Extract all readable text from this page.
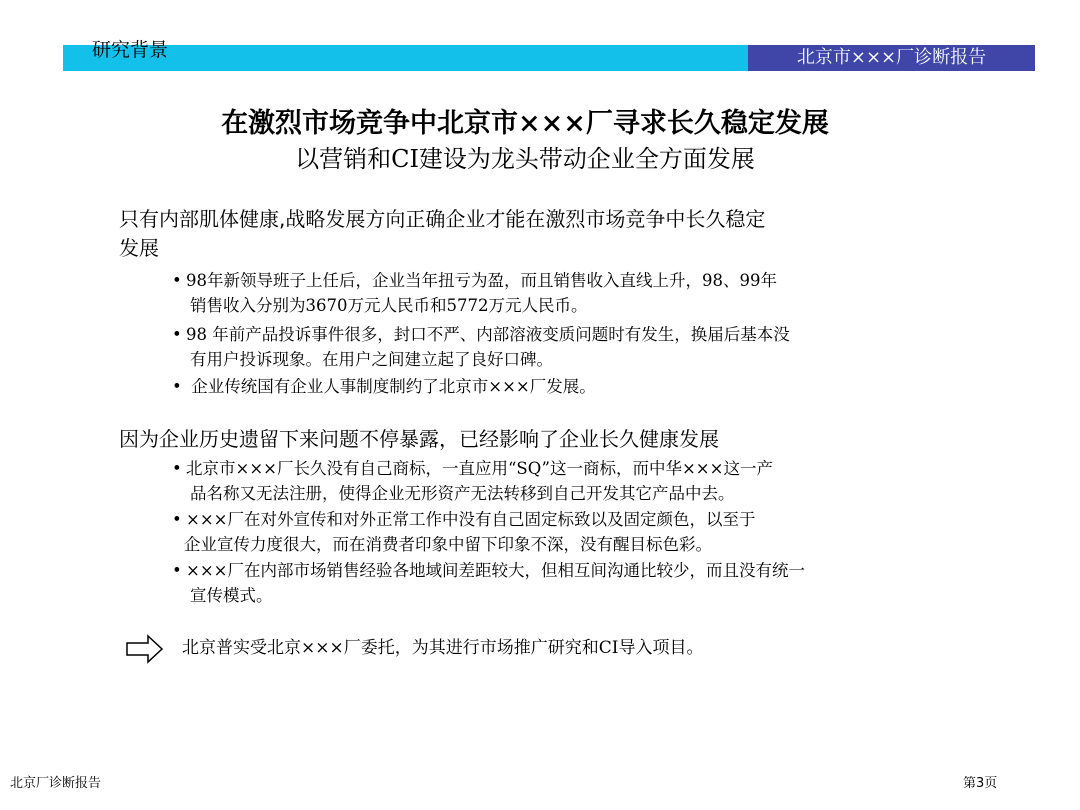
北京市×××厂诊断报告
研究背景
在激烈市场竞争中北京市×××厂寻求长久稳定发展
以营销和CI建设为龙头带动企业全方面发展
只有内部肌体健康,战略发展方向正确企业才能在激烈市场竞争中长久稳定
发展
• 98年新领导班子上任后，企业当年扭亏为盈，而且销售收入直线上升，98、99年
销售收入分别为3670万元人民币和5772万元人民币。
• 98 年前产品投诉事件很多，封口不严、内部溶液变质问题时有发生，换届后基本没
有用户投诉现象。在用户之间建立起了良好口碑。
• 企业传统国有企业人事制度制约了北京市×××厂发展。
因为企业历史遗留下来问题不停暴露，已经影响了企业长久健康发展
• 北京市×××厂长久没有自己商标，一直应用“SQ”这一商标，而中华×××这一产
品名称又无法注册，使得企业无形资产无法转移到自己开发其它产品中去。
• ×××厂在对外宣传和对外正常工作中没有自己固定标致以及固定颜色，以至于
企业宣传力度很大，而在消费者印象中留下印象不深，没有醒目标色彩。
• ×××厂在内部市场销售经验各地域间差距较大，但相互间沟通比较少，而且没有统一
宣传模式。
北京普实受北京×××厂委托，为其进行市场推广研究和CI导入项目。
北京厂诊断报告	第3页
